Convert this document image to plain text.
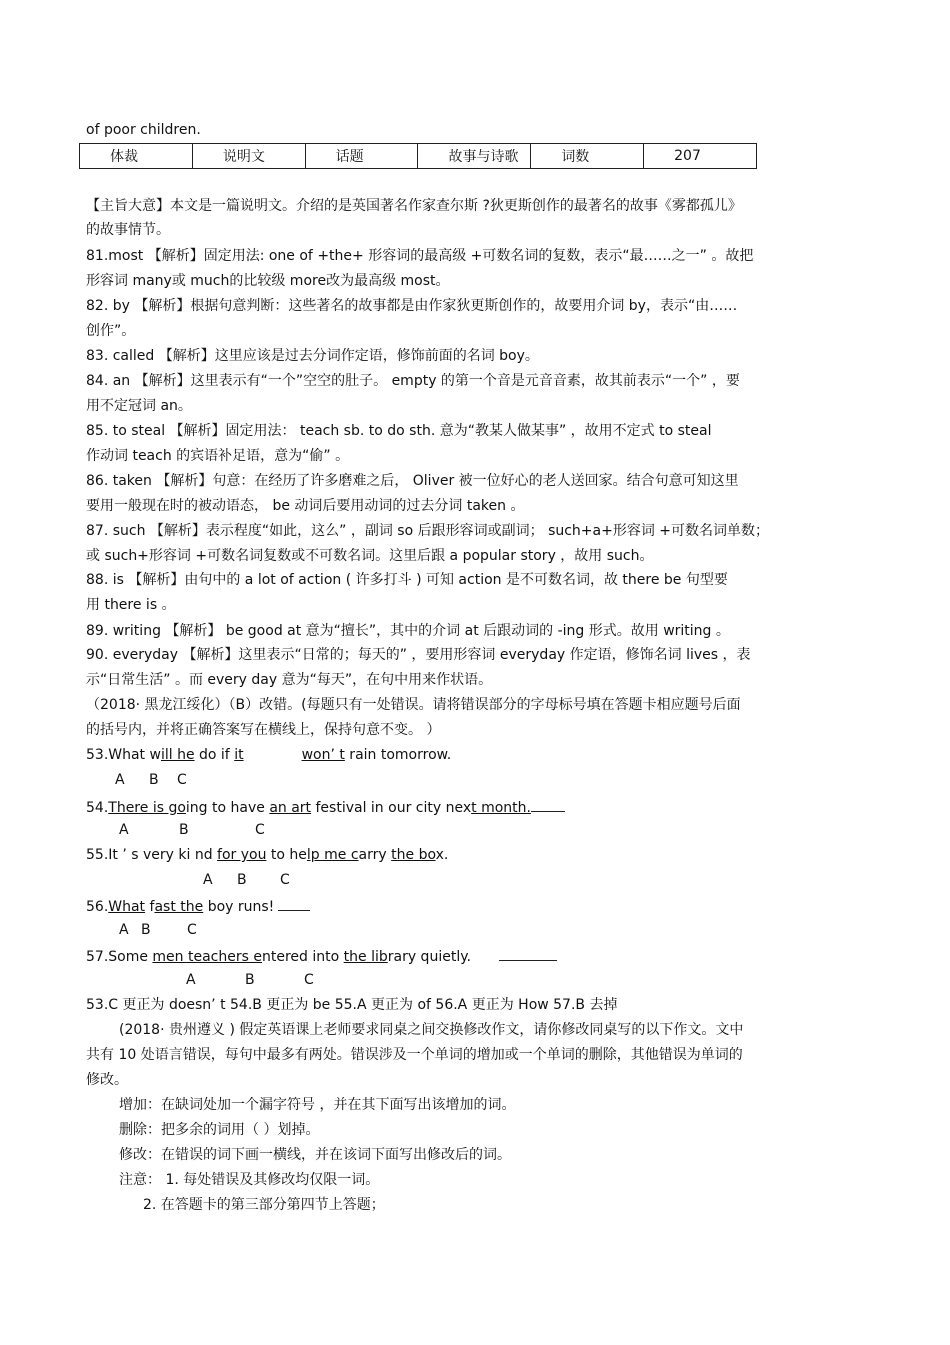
of poor children.
体裁	说明文	话题	故事与诗歌	词数	207
【主旨大意】本文是一篇说明文。介绍的是英国著名作家查尔斯 ?狄更斯创作的最著名的故事《雾都孤儿》
的故事情节。
81.most 【解析】固定用法: one of +the+ 形容词的最高级 +可数名词的复数，表示“最……之一” 。故把
形容词 many或 much的比较级 more改为最高级 most。
82. by 【解析】根据句意判断：这些著名的故事都是由作家狄更斯创作的，故要用介词 by，表示“由……
创作”。
83. called 【解析】这里应该是过去分词作定语，修饰前面的名词 boy。
84. an 【解析】这里表示有“一个”空空的肚子。 empty 的第一个音是元音音素，故其前表示“一个” ，要
用不定冠词 an。
85. to steal 【解析】固定用法： teach sb. to do sth. 意为“教某人做某事” ，故用不定式 to steal
作动词 teach 的宾语补足语，意为“偷” 。
86. taken 【解析】句意：在经历了许多磨难之后， Oliver 被一位好心的老人送回家。结合句意可知这里
要用一般现在时的被动语态， be 动词后要用动词的过去分词 taken 。
87. such 【解析】表示程度“如此，这么” ，副词 so 后跟形容词或副词； such+a+形容词 +可数名词单数；
或 such+形容词 +可数名词复数或不可数名词。这里后跟 a popular story ，故用 such。
88. is 【解析】由句中的 a lot of action ( 许多打斗 ) 可知 action 是不可数名词，故 there be 句型要
用 there is 。
89. writing 【解析】 be good at 意为“擅长”，其中的介词 at 后跟动词的 -ing 形式。故用 writing 。
90. everyday 【解析】这里表示“日常的；每天的” ，要用形容词 everyday 作定语，修饰名词 lives ，表
示“日常生活” 。而 every day 意为“每天”，在句中用来作状语。
（2018· 黑龙江绥化）（B）改错。(每题只有一处错误。请将错误部分的字母标号填在答题卡相应题号后面
的括号内，并将正确答案写在横线上，保持句意不变。 ）
53.What will he do if it	won’ t rain tomorrow.
A B C
54.There is going to have an art festival in our city next month.
A	B	C
55.It ’ s very ki nd for you to help me carry the box.
A B C
56.What fast the boy runs!
A B	C
57.Some men teachers entered into the library quietly.
A	B	C
53.C 更正为 doesn’ t 54.B 更正为 be 55.A 更正为 of 56.A 更正为 How 57.B 去掉
(2018· 贵州遵义 ) 假定英语课上老师要求同桌之间交换修改作文，请你修改同桌写的以下作文。文中
共有 10 处语言错误，每句中最多有两处。错误涉及一个单词的增加或一个单词的删除，其他错误为单词的
修改。
增加：在缺词处加一个漏字符号 ，并在其下面写出该增加的词。
删除：把多余的词用（ ）划掉。
修改：在错误的词下画一横线，并在该词下面写出修改后的词。
注意： 1. 每处错误及其修改均仅限一词。
2. 在答题卡的第三部分第四节上答题；
